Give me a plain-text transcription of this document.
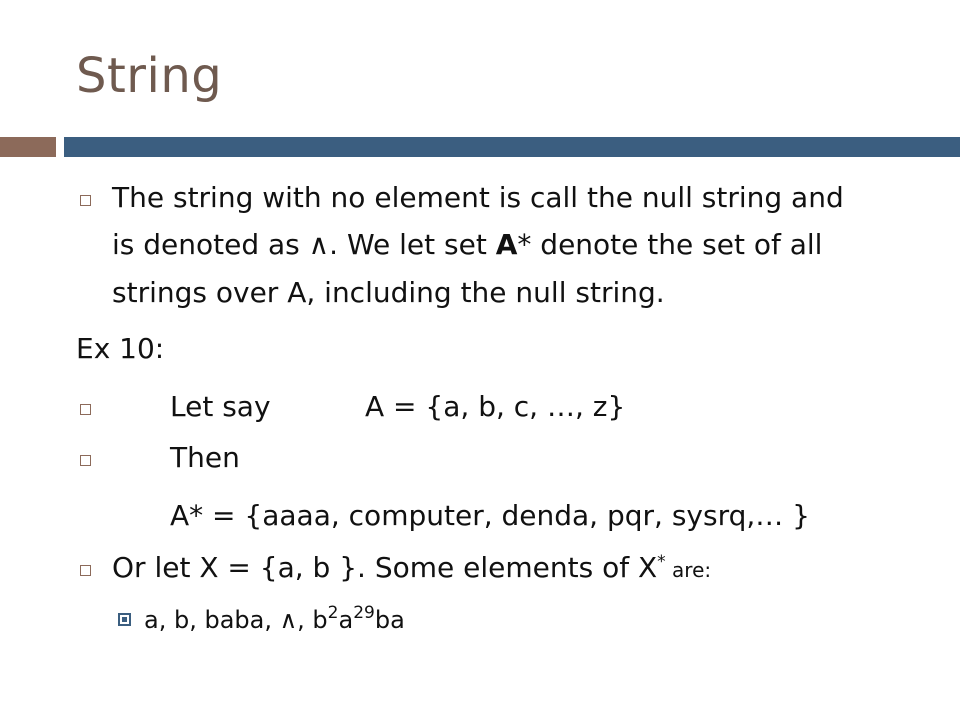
String
The string with no element is call the null string and
is denoted as ∧. We let set A* denote the set of all
strings over A, including the null string.
Ex 10:
Let say	A = {a, b, c, …, z}
Then
A* = {aaaa, computer, denda, pqr, sysrq,… }
Or let X = {a, b }. Some elements of X* are:
a, b, baba, ∧, $b^2a^{29}ba$
